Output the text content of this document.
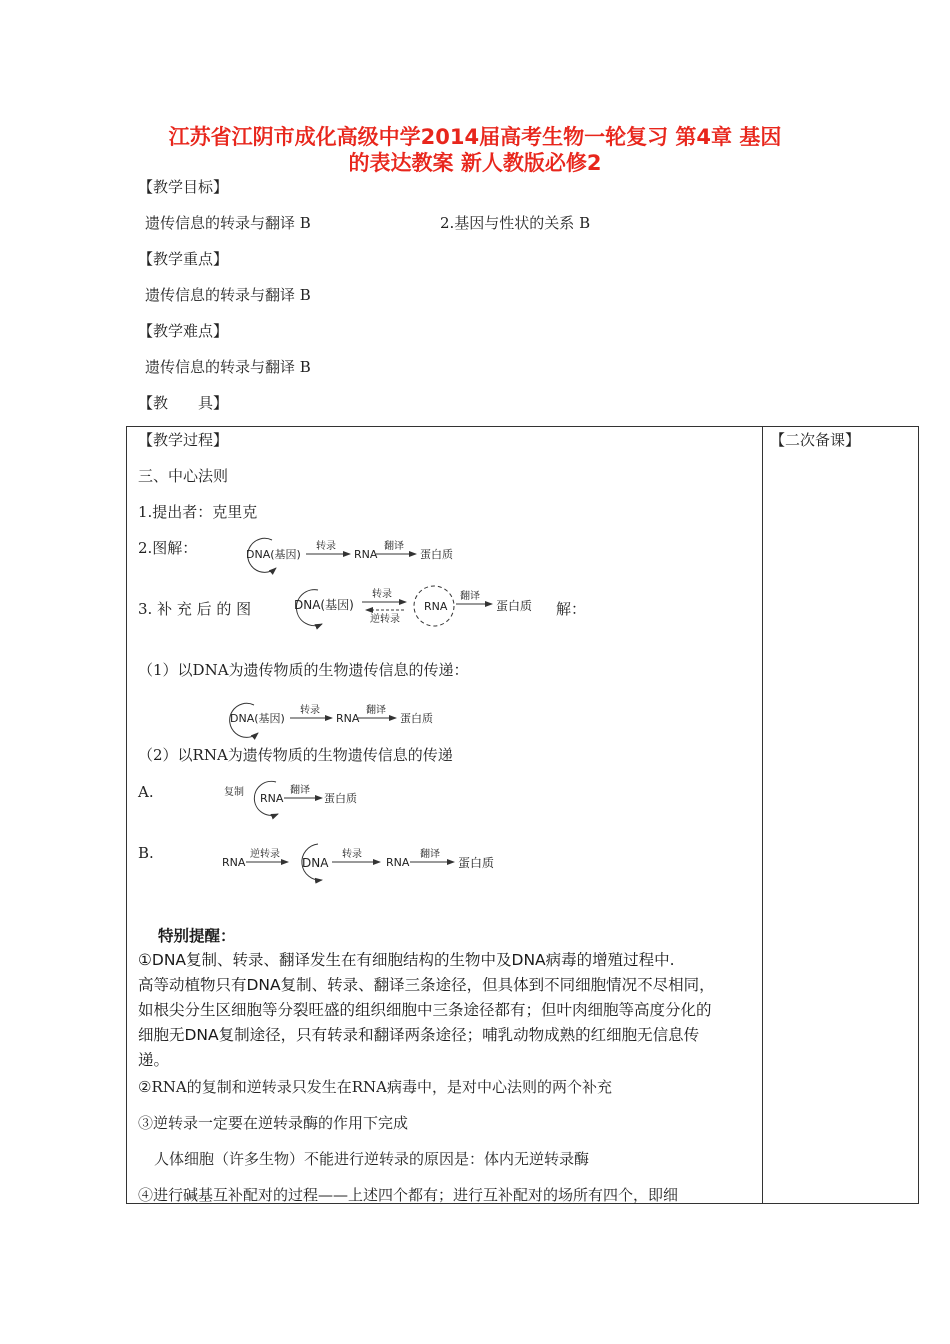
江苏省江阴市成化高级中学2014届高考生物一轮复习 第4章 基因
的表达教案 新人教版必修2
【教学目标】
遗传信息的转录与翻译 B	2.基因与性状的关系 B
【教学重点】
遗传信息的转录与翻译 B
【教学难点】
遗传信息的转录与翻译 B
【教　　具】
【教学过程】	【二次备课】
三、中心法则
1.提出者：克里克
2.图解：	DNA(基因)
转录
RNA
翻译
蛋白质
3. 补 充 后 的 图	DNA(基因)
转录
逆转录
RNA
翻译
蛋白质 解：
（1）以DNA为遗传物质的生物遗传信息的传递：
DNA(基因)
转录
RNA
翻译
蛋白质
（2）以RNA为遗传物质的生物遗传信息的传递
A.	复制 RNA
翻译
蛋白质
B.
RNA
逆转录
DNA
转录
RNA
翻译
蛋白质
特别提醒：
①DNA复制、转录、翻译发生在有细胞结构的生物中及DNA病毒的增殖过程中.
高等动植物只有DNA复制、转录、翻译三条途径，但具体到不同细胞情况不尽相同，
如根尖分生区细胞等分裂旺盛的组织细胞中三条途径都有；但叶肉细胞等高度分化的
细胞无DNA复制途径，只有转录和翻译两条途径；哺乳动物成熟的红细胞无信息传
递。
②RNA的复制和逆转录只发生在RNA病毒中，是对中心法则的两个补充
③逆转录一定要在逆转录酶的作用下完成
人体细胞（许多生物）不能进行逆转录的原因是：体内无逆转录酶
④进行碱基互补配对的过程——上述四个都有；进行互补配对的场所有四个，即细
